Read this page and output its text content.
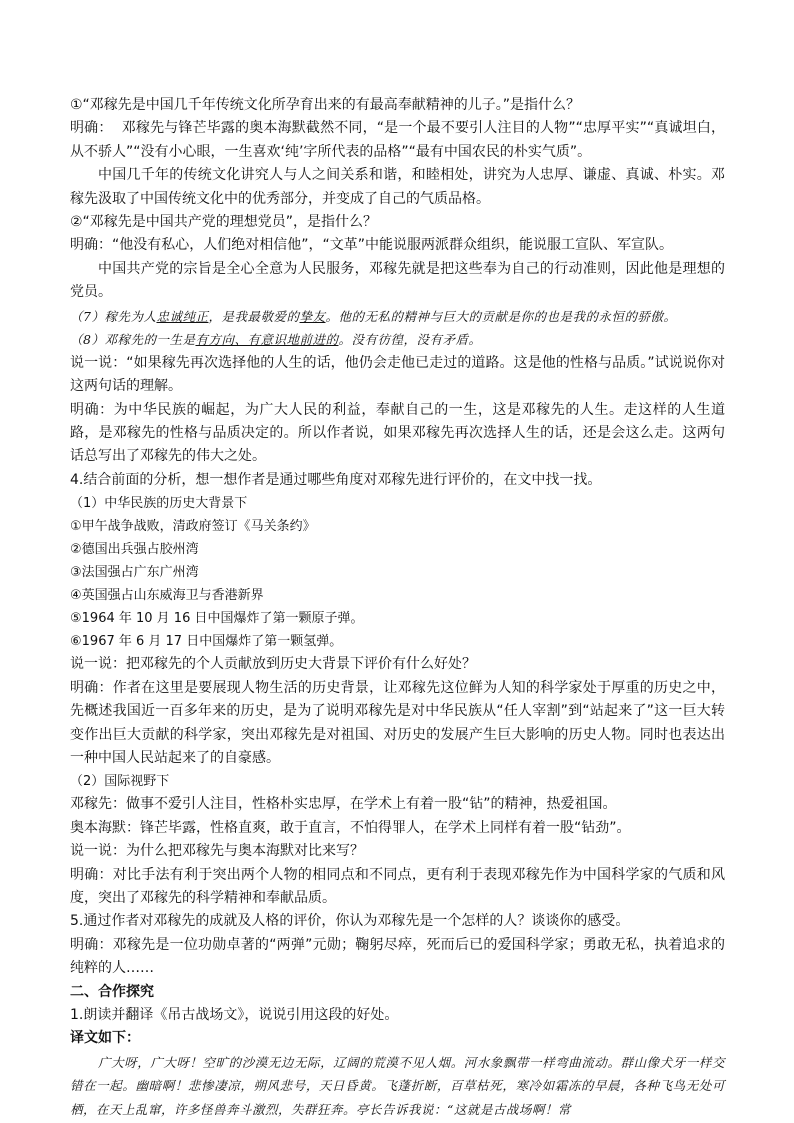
①“邓稼先是中国几千年传统文化所孕育出来的有最高奉献精神的儿子。”是指什么？

明确： 邓稼先与锋芒毕露的奥本海默截然不同，“是一个最不要引人注目的人物”“忠厚平实”“真诚坦白，从不骄人”“没有小心眼，一生喜欢‘纯’字所代表的品格”“最有中国农民的朴实气质”。

中国几千年的传统文化讲究人与人之间关系和谐，和睦相处，讲究为人忠厚、谦虚、真诚、朴实。邓稼先汲取了中国传统文化中的优秀部分，并变成了自己的气质品格。

②“邓稼先是中国共产党的理想党员”，是指什么？

明确：“他没有私心，人们绝对相信他”，“文革”中能说服两派群众组织，能说服工宣队、军宣队。

中国共产党的宗旨是全心全意为人民服务，邓稼先就是把这些奉为自己的行动准则，因此他是理想的党员。

（7）稼先为人忠诚纯正，是我最敬爱的挚友。他的无私的精神与巨大的贡献是你的也是我的永恒的骄傲。

（8）邓稼先的一生是有方向、有意识地前进的。没有彷徨，没有矛盾。

说一说：“如果稼先再次选择他的人生的话，他仍会走他已走过的道路。这是他的性格与品质。”试说说你对这两句话的理解。

明确：为中华民族的崛起，为广大人民的利益，奉献自己的一生，这是邓稼先的人生。走这样的人生道路，是邓稼先的性格与品质决定的。所以作者说，如果邓稼先再次选择人生的话，还是会这么走。这两句话总写出了邓稼先的伟大之处。

4.结合前面的分析，想一想作者是通过哪些角度对邓稼先进行评价的，在文中找一找。

（1）中华民族的历史大背景下

①甲午战争战败，清政府签订《马关条约》

②德国出兵强占胶州湾

③法国强占广东广州湾

④英国强占山东威海卫与香港新界

⑤1964 年 10 月 16 日中国爆炸了第一颗原子弹。

⑥1967 年 6 月 17 日中国爆炸了第一颗氢弹。

说一说：把邓稼先的个人贡献放到历史大背景下评价有什么好处？

明确：作者在这里是要展现人物生活的历史背景，让邓稼先这位鲜为人知的科学家处于厚重的历史之中，先概述我国近一百多年来的历史，是为了说明邓稼先是对中华民族从“任人宰割”到“站起来了”这一巨大转变作出巨大贡献的科学家，突出邓稼先是对祖国、对历史的发展产生巨大影响的历史人物。同时也表达出一种中国人民站起来了的自豪感。

（2）国际视野下

邓稼先：做事不爱引人注目，性格朴实忠厚，在学术上有着一股“钻”的精神，热爱祖国。

奥本海默：锋芒毕露，性格直爽，敢于直言，不怕得罪人，在学术上同样有着一股“钻劲”。

说一说：为什么把邓稼先与奥本海默对比来写？

明确：对比手法有利于突出两个人物的相同点和不同点，更有利于表现邓稼先作为中国科学家的气质和风度，突出了邓稼先的科学精神和奉献品质。

5.通过作者对邓稼先的成就及人格的评价，你认为邓稼先是一个怎样的人？谈谈你的感受。

明确：邓稼先是一位功勋卓著的“两弹”元勋；鞠躬尽瘁，死而后已的爱国科学家；勇敢无私，执着追求的纯粹的人……

二、合作探究

1.朗读并翻译《吊古战场文》，说说引用这段的好处。

译文如下：

广大呀，广大呀！空旷的沙漠无边无际，辽阔的荒漠不见人烟。河水象飘带一样弯曲流动。群山像犬牙一样交错在一起。幽暗啊！悲惨凄凉，朔风悲号，天日昏黄。飞蓬折断，百草枯死，寒冷如霜冻的早晨，各种飞鸟无处可栖，在天上乱窜，许多怪兽奔斗激烈，失群狂奔。亭长告诉我说：“这就是古战场啊！常
